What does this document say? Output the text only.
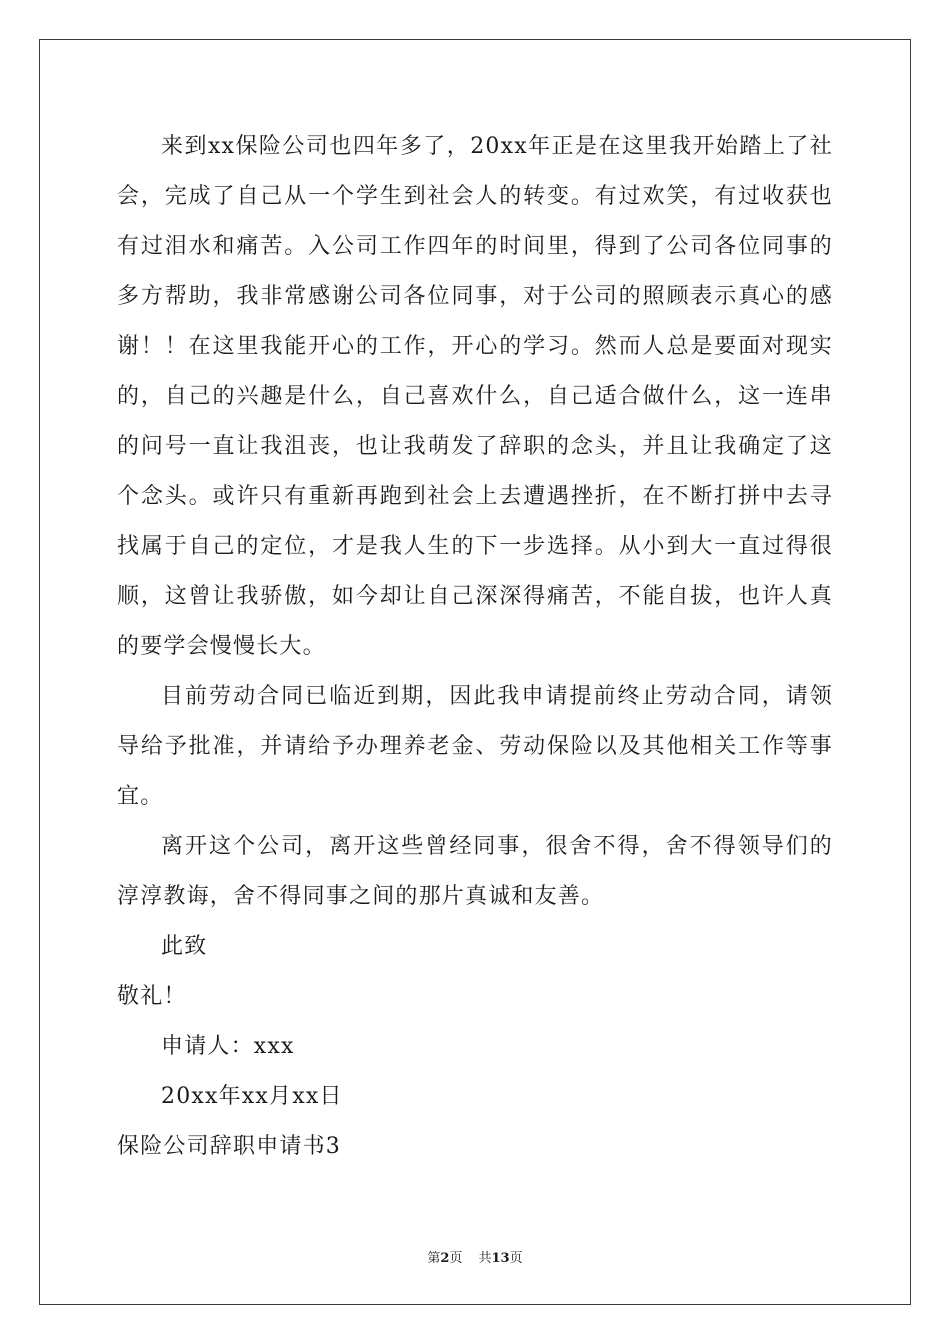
来到xx保险公司也四年多了，20xx年正是在这里我开始踏上了社会，完成了自己从一个学生到社会人的转变。有过欢笑，有过收获也有过泪水和痛苦。入公司工作四年的时间里，得到了公司各位同事的多方帮助，我非常感谢公司各位同事，对于公司的照顾表示真心的感谢！！在这里我能开心的工作，开心的学习。然而人总是要面对现实的，自己的兴趣是什么，自己喜欢什么，自己适合做什么，这一连串的问号一直让我沮丧，也让我萌发了辞职的念头，并且让我确定了这个念头。或许只有重新再跑到社会上去遭遇挫折，在不断打拼中去寻找属于自己的定位，才是我人生的下一步选择。从小到大一直过得很顺，这曾让我骄傲，如今却让自己深深得痛苦，不能自拔，也许人真的要学会慢慢长大。

目前劳动合同已临近到期，因此我申请提前终止劳动合同，请领导给予批准，并请给予办理养老金、劳动保险以及其他相关工作等事宜。

离开这个公司，离开这些曾经同事，很舍不得，舍不得领导们的淳淳教诲，舍不得同事之间的那片真诚和友善。

此致

敬礼！

申请人：xxx

20xx年xx月xx日

保险公司辞职申请书3

第2页 共13页
